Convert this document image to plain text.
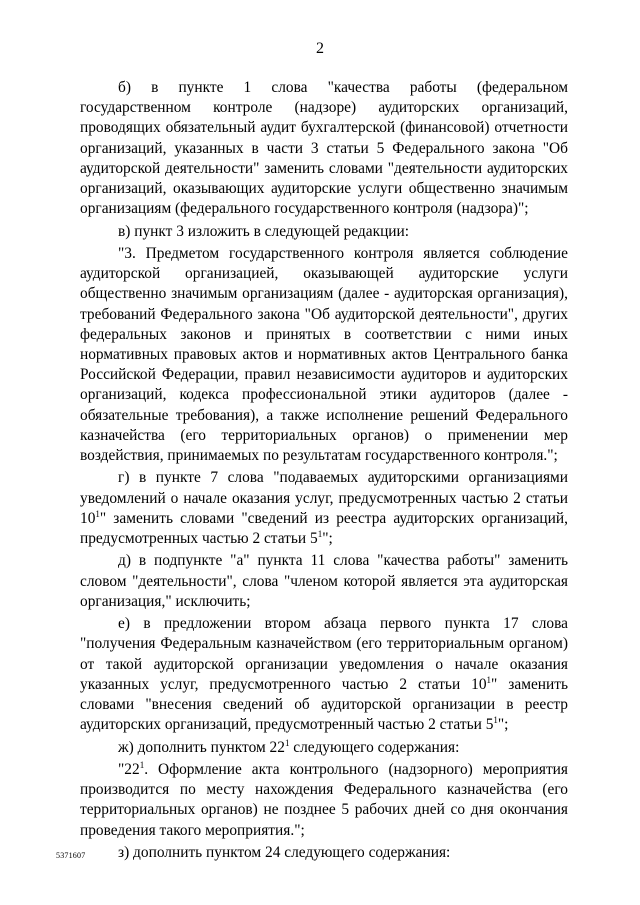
2

б) в пункте 1 слова "качества работы (федеральном государственном контроле (надзоре) аудиторских организаций, проводящих обязательный аудит бухгалтерской (финансовой) отчетности организаций, указанных в части 3 статьи 5 Федерального закона "Об аудиторской деятельности" заменить словами "деятельности аудиторских организаций, оказывающих аудиторские услуги общественно значимым организациям (федерального государственного контроля (надзора)";

в) пункт 3 изложить в следующей редакции:

"3. Предметом государственного контроля является соблюдение аудиторской организацией, оказывающей аудиторские услуги общественно значимым организациям (далее - аудиторская организация), требований Федерального закона "Об аудиторской деятельности", других федеральных законов и принятых в соответствии с ними иных нормативных правовых актов и нормативных актов Центрального банка Российской Федерации, правил независимости аудиторов и аудиторских организаций, кодекса профессиональной этики аудиторов (далее - обязательные требования), а также исполнение решений Федерального казначейства (его территориальных органов) о применении мер воздействия, принимаемых по результатам государственного контроля.";

г) в пункте 7 слова "подаваемых аудиторскими организациями уведомлений о начале оказания услуг, предусмотренных частью 2 статьи $10^1$" заменить словами "сведений из реестра аудиторских организаций, предусмотренных частью 2 статьи $5^1$";

д) в подпункте "а" пункта 11 слова "качества работы" заменить словом "деятельности", слова "членом которой является эта аудиторская организация," исключить;

е) в предложении втором абзаца первого пункта 17 слова "получения Федеральным казначейством (его территориальным органом) от такой аудиторской организации уведомления о начале оказания указанных услуг, предусмотренного частью 2 статьи $10^1$" заменить словами "внесения сведений об аудиторской организации в реестр аудиторских организаций, предусмотренный частью 2 статьи $5^1$";

ж) дополнить пунктом $22^1$ следующего содержания:

"$22^1$. Оформление акта контрольного (надзорного) мероприятия производится по месту нахождения Федерального казначейства (его территориальных органов) не позднее 5 рабочих дней со дня окончания проведения такого мероприятия.";

з) дополнить пунктом 24 следующего содержания:

5371607
